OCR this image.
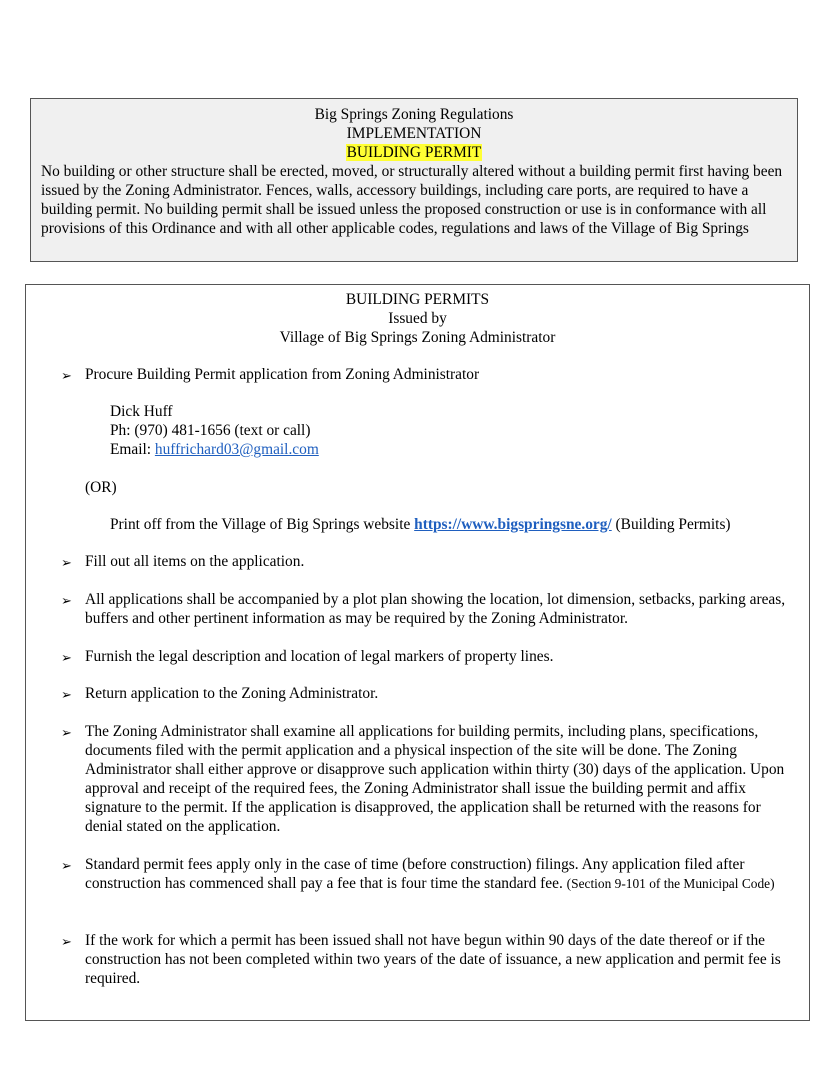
Big Springs Zoning Regulations
IMPLEMENTATION
BUILDING PERMIT
No building or other structure shall be erected, moved, or structurally altered without a building permit first having been issued by the Zoning Administrator. Fences, walls, accessory buildings, including care ports, are required to have a building permit. No building permit shall be issued unless the proposed construction or use is in conformance with all provisions of this Ordinance and with all other applicable codes, regulations and laws of the Village of Big Springs
BUILDING PERMITS
Issued by
Village of Big Springs Zoning Administrator
➢ Procure Building Permit application from Zoning Administrator
Dick Huff
Ph: (970) 481-1656 (text or call)
Email: huffrichard03@gmail.com
(OR)
Print off from the Village of Big Springs website https://www.bigspringsne.org/ (Building Permits)
➢ Fill out all items on the application.
➢ All applications shall be accompanied by a plot plan showing the location, lot dimension, setbacks, parking areas, buffers and other pertinent information as may be required by the Zoning Administrator.
➢ Furnish the legal description and location of legal markers of property lines.
➢ Return application to the Zoning Administrator.
➢ The Zoning Administrator shall examine all applications for building permits, including plans, specifications, documents filed with the permit application and a physical inspection of the site will be done. The Zoning Administrator shall either approve or disapprove such application within thirty (30) days of the application. Upon approval and receipt of the required fees, the Zoning Administrator shall issue the building permit and affix signature to the permit. If the application is disapproved, the application shall be returned with the reasons for denial stated on the application.
➢ Standard permit fees apply only in the case of time (before construction) filings. Any application filed after construction has commenced shall pay a fee that is four time the standard fee. (Section 9-101 of the Municipal Code)
➢ If the work for which a permit has been issued shall not have begun within 90 days of the date thereof or if the construction has not been completed within two years of the date of issuance, a new application and permit fee is required.
